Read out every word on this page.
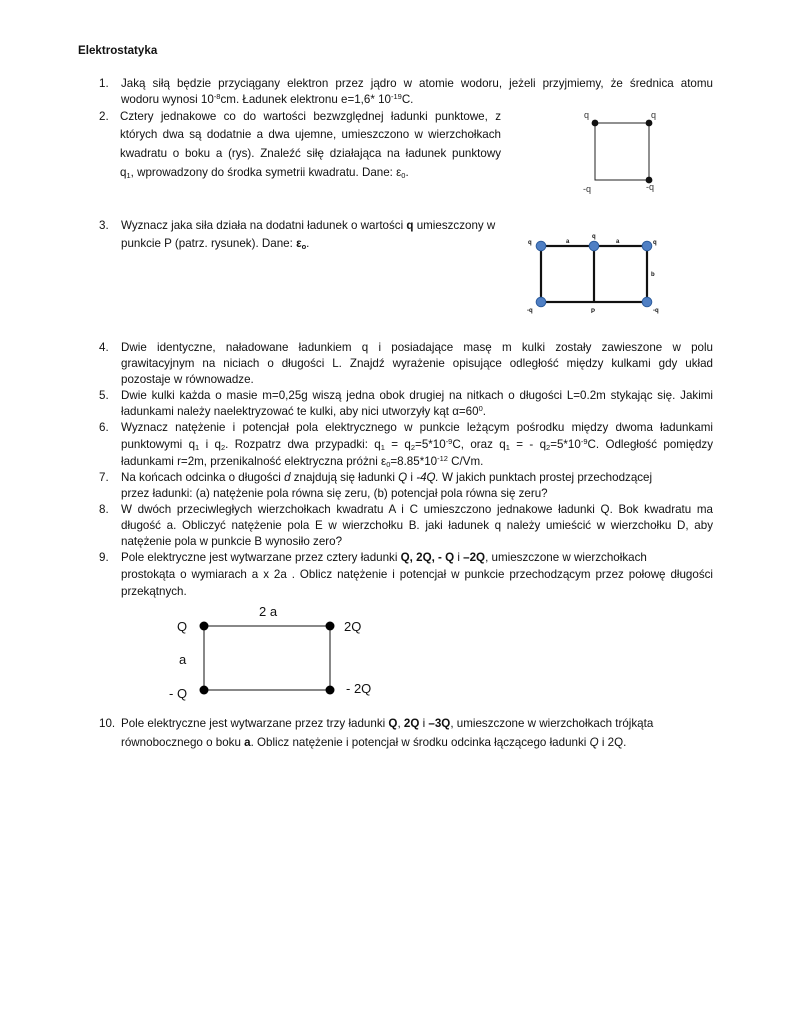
Elektrostatyka
1. Jaką siłą będzie przyciągany elektron przez jądro w atomie wodoru, jeżeli przyjmiemy, że średnica atomu
wodoru wynosi $10^{-8}cm$. Ładunek elektronu e=1,6* $10^{-19}C$.
2. Cztery jednakowe co do wartości bezwzględnej ładunki punktowe, z
których dwa są dodatnie a dwa ujemne, umieszczono w wierzchołkach
kwadratu o boku a (rys). Znaleźć siłę działająca na ładunek punktowy
$q_1$, wprowadzony do środka symetrii kwadratu. Dane: $\varepsilon_0$.
q	q
-q	-q
3. Wyznacz jaka siła działa na dodatni ładunek o wartości q umieszczony w
punkcie P (patrz. rysunek). Dane: $\varepsilon_o$.	q
q
q
a	a
b
-q	P	-q
4. Dwie identyczne, naładowane ładunkiem q i posiadające masę m kulki zostały zawieszone w polu
grawitacyjnym na niciach o długości L. Znajdź wyrażenie opisujące odległość między kulkami gdy układ
pozostaje w równowadze.
5. Dwie kulki każda o masie m=0,25g wiszą jedna obok drugiej na nitkach o długości L=0.2m stykając się. Jakimi
ładunkami należy naelektryzować te kulki, aby nici utworzyły kąt $\alpha=60^0$.
6. Wyznacz natężenie i potencjał pola elektrycznego w punkcie leżącym pośrodku między dwoma ładunkami
punktowymi $q_1$ i $q_2$. Rozpatrz dwa przypadki: $q_1 = q_2=5*10^{-9}C$, oraz $q_1$ = - $q_2=5*10^{-9}C$. Odległość pomiędzy
ładunkami r=2m, przenikalność elektryczna próżni $\varepsilon_0=8.85*10^{-12}$ C/Vm.
7. Na końcach odcinka o długości d znajdują się ładunki Q i -4Q. W jakich punktach prostej przechodzącej
przez ładunki: (a) natężenie pola równa się zeru, (b) potencjał pola równa się zeru?
8. W dwóch przeciwległych wierzchołkach kwadratu A i C umieszczono jednakowe ładunki Q. Bok kwadratu ma
długość a. Obliczyć natężenie pola E w wierzchołku B. jaki ładunek q należy umieścić w wierzchołku D, aby
natężenie pola w punkcie B wynosiło zero?
9. Pole elektryczne jest wytwarzane przez cztery ładunki Q, 2Q, - Q i –2Q, umieszczone w wierzchołkach
prostokąta o wymiarach a x 2a . Oblicz natężenie i potencjał w punkcie przechodzącym przez połowę długości
przekątnych.
2 a
Q	2Q
a
- Q	- 2Q
10. Pole elektryczne jest wytwarzane przez trzy ładunki Q, 2Q i –3Q, umieszczone w wierzchołkach trójkąta
równobocznego o boku a. Oblicz natężenie i potencjał w środku odcinka łączącego ładunki Q i 2Q.
